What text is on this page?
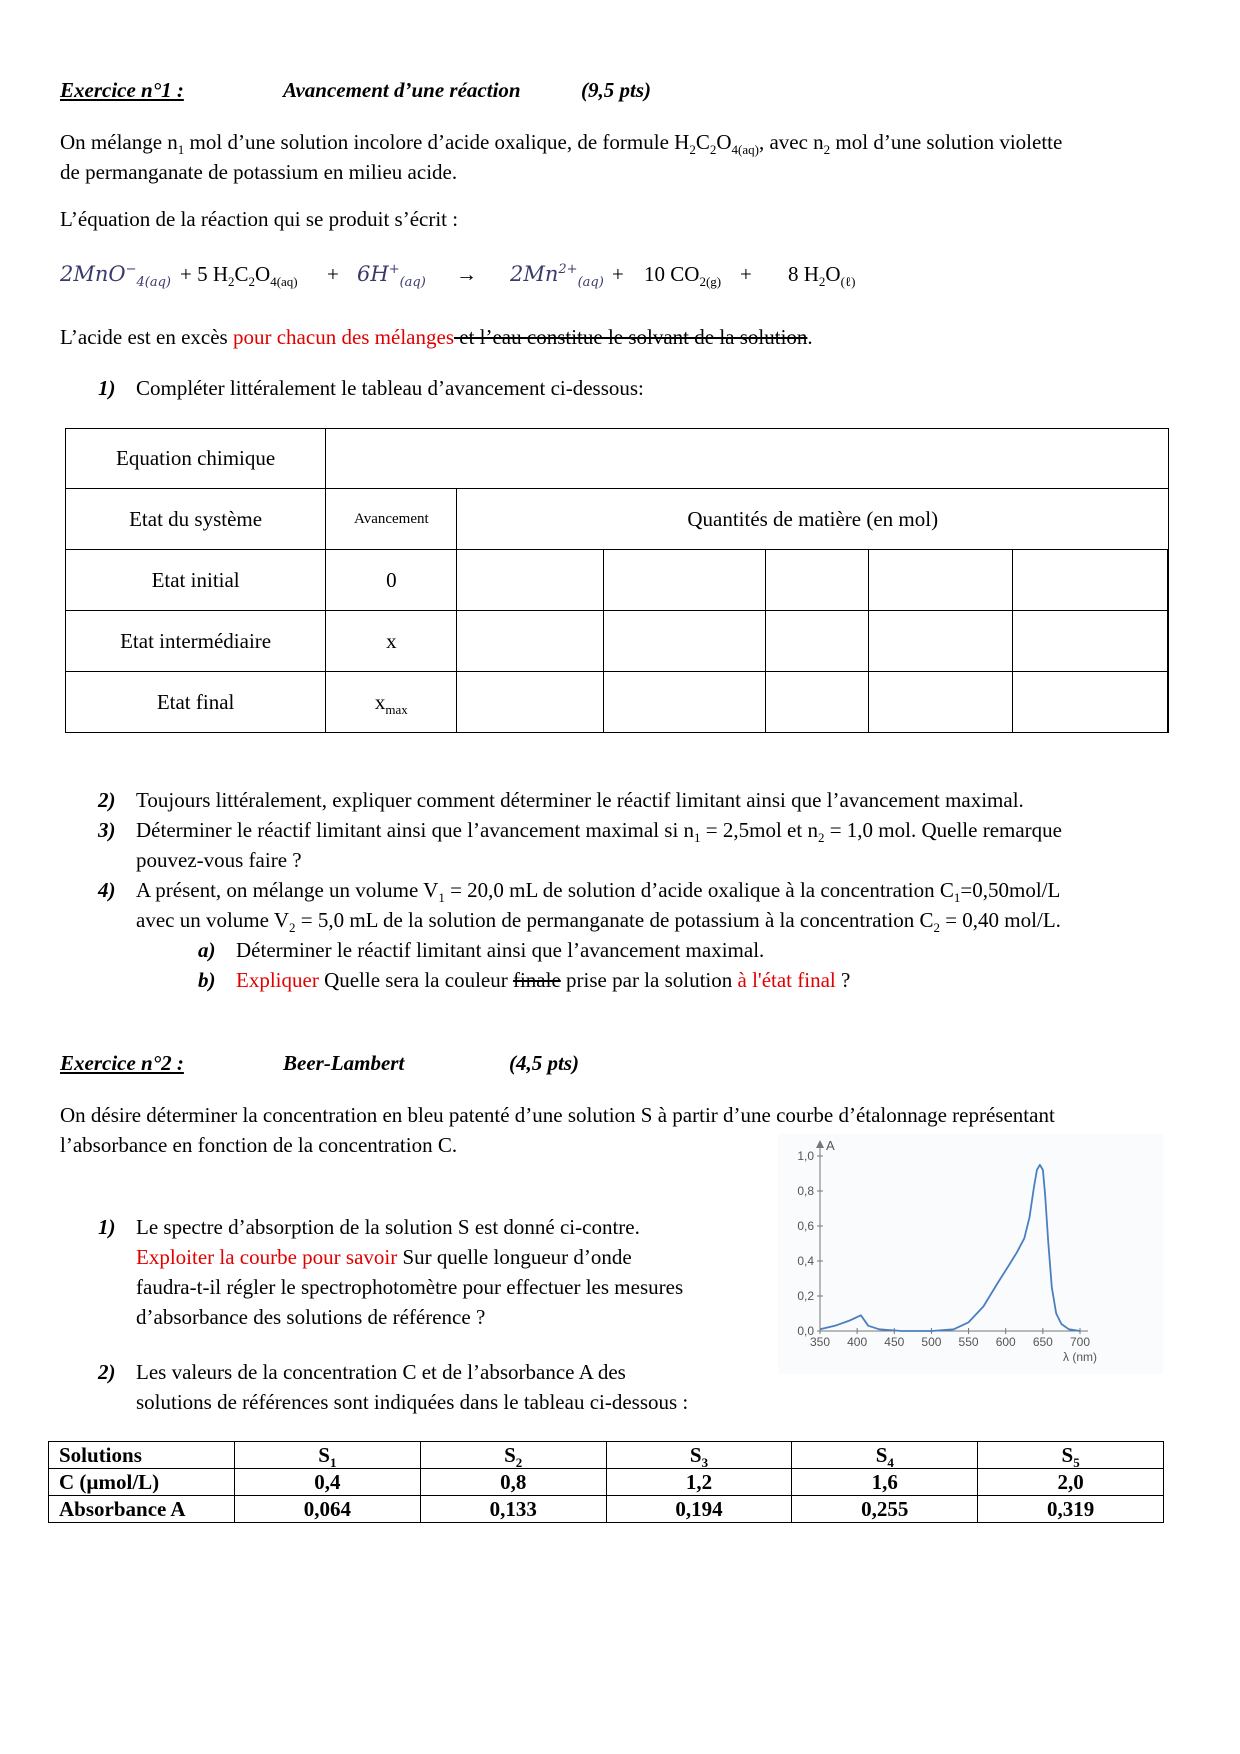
Exercice n°1 :	Avancement d’une réaction	(9,5 pts)

On mélange $n_1$ mol d’une solution incolore d’acide oxalique, de formule $H_2C_2O_{4(aq)}$, avec $n_2$ mol d’une solution violette

de permanganate de potassium en milieu acide.

L’équation de la réaction qui se produit s’écrit :
2MnO−$_{4(aq)}$ + 5 $H_2C_2O_{4(aq)} + 6H^+_{(aq)} \to 2Mn^{2+}_{(aq)} + 10$ $CO_{2(g)} + 8$ $H_2O_{(\ell)}$
L’acide est en excès pour chacun des mélanges et l’eau constitue le solvant de la solution.
1) Compléter littéralement le tableau d’avancement ci-dessous:
Equation chimique							
Etat du système	Avancement	Quantités de matière (en mol)					
Etat initial	0						
Etat intermédiaire	x						
Etat final	$x_{max}$						

2) Toujours littéralement, expliquer comment déterminer le réactif limitant ainsi que l’avancement maximal.

3) Déterminer le réactif limitant ainsi que l’avancement maximal si $n_1 = 2,5mol$ et $n_2 = 1,0$ mol. Quelle remarque

pouvez-vous faire ?

4) A présent, on mélange un volume $V_1 = 20,0$ mL de solution d’acide oxalique à la concentration $C_1=0,50mol/L$

avec un volume $V_2 = 5,0$ mL de la solution de permanganate de potassium à la concentration $C_2 = 0,40$ mol/L.

a) Déterminer le réactif limitant ainsi que l’avancement maximal.

b) Expliquer Quelle sera la couleur finale prise par la solution à l'état final ?

Exercice n°2 :	Beer-Lambert	(4,5 pts)

On désire déterminer la concentration en bleu patenté d’une solution S à partir d’une courbe d’étalonnage représentant

l’absorbance en fonction de la concentration C.

1) Le spectre d’absorption de la solution S est donné ci-contre.

Exploiter la courbe pour savoir Sur quelle longueur d’onde

faudra-t-il régler le spectrophotomètre pour effectuer les mesures

d’absorbance des solutions de référence ?

2) Les valeurs de la concentration C et de l’absorbance A des

solutions de références sont indiquées dans le tableau ci-dessous :

A
0,0
0,2
0,4
0,6
0,8
1,0
350 400 450 500 550 600 650 700
λ (nm)
Solutions	$S_1$	$S_2$	$S_3$	$S_4$	$S_5$
C (µmol/L)	0,4	0,8	1,2	1,6	2,0
Absorbance A	0,064	0,133	0,194	0,255	0,319
